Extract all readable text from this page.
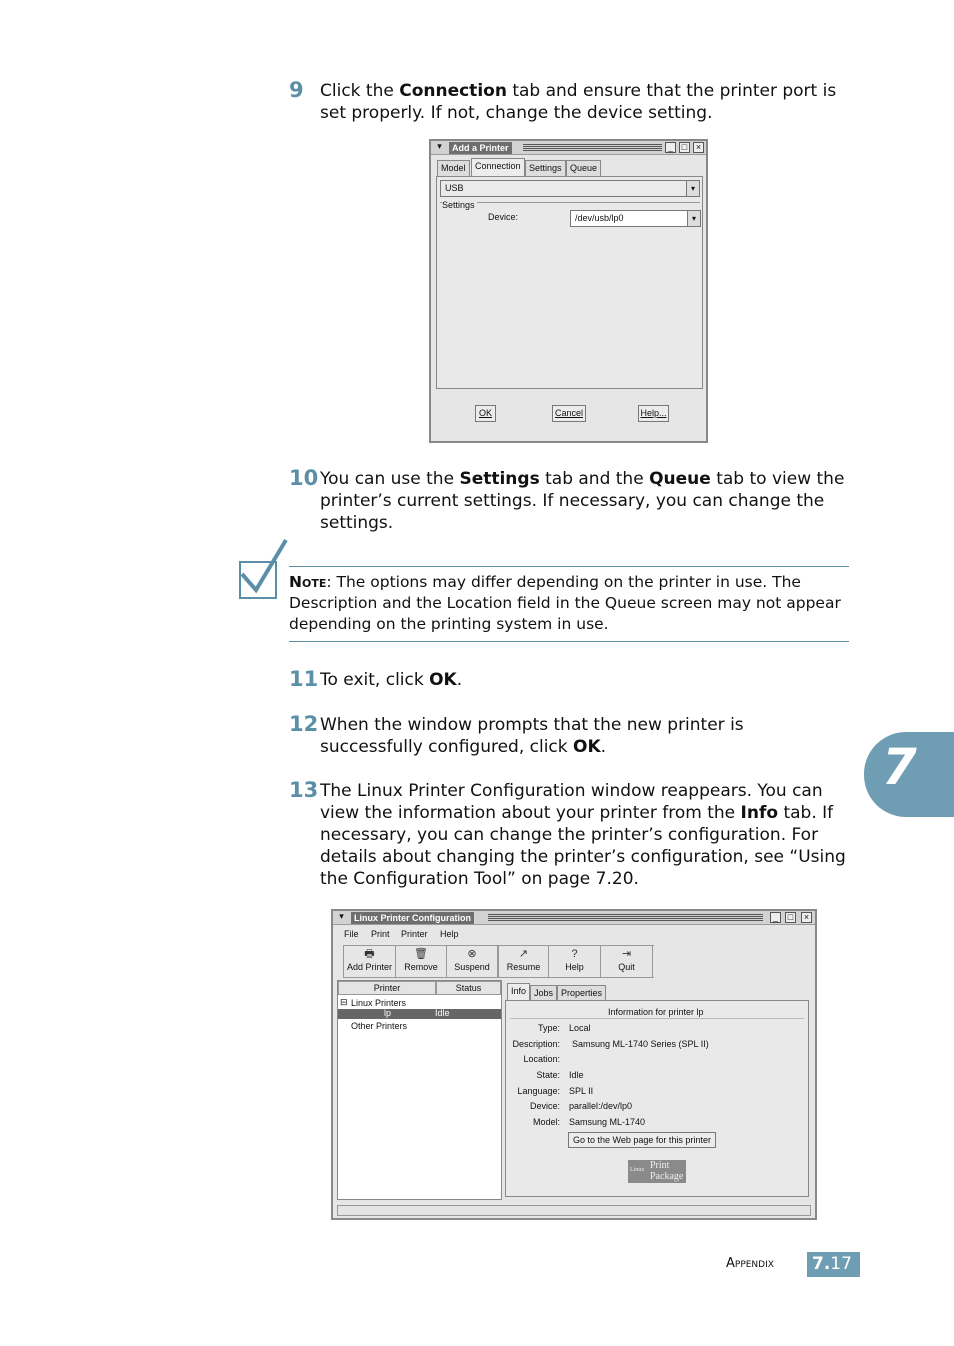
9 Click the Connection tab and ensure that the printer port is set properly. If not, change the device setting.
▾	Add a Printer	_ □ ×
Model	Connection Settings Queue
USB	▾
Settings
Device:	/dev/usb/lp0	▾
OK	Cancel	Help...
10 You can use the Settings tab and the Queue tab to view the printer’s current settings. If necessary, you can change the settings.
Note: The options may differ depending on the printer in use. The Description and the Location field in the Queue screen may not appear depending on the printing system in use.
11 To exit, click OK.
12 When the window prompts that the new printer is successfully configured, click OK.
13 The Linux Printer Configuration window reappears. You can view the information about your printer from the Info tab. If necessary, you can change the printer’s configuration. For details about changing the printer’s configuration, see “Using the Configuration Tool” on page 7.20.
▾	Linux Printer Configuration	_	□	×
File Print Printer Help
🖶
Add Printer
🗑
Remove
⊗
Suspend
↗
Resume
?
Help
⇥
Quit
Printer	Status
⊟ Linux Printers
lp	Idle
Other Printers
Info Jobs Properties
Information for printer lp
Type: Local
Description: Samsung ML-1740 Series (SPL II)
Location:
State: Idle
Language: SPL II
Device: parallel:/dev/lp0
Model: Samsung ML-1740
Go to the Web page for this printer
Linux Print
Package
7
Appendix 7.17
